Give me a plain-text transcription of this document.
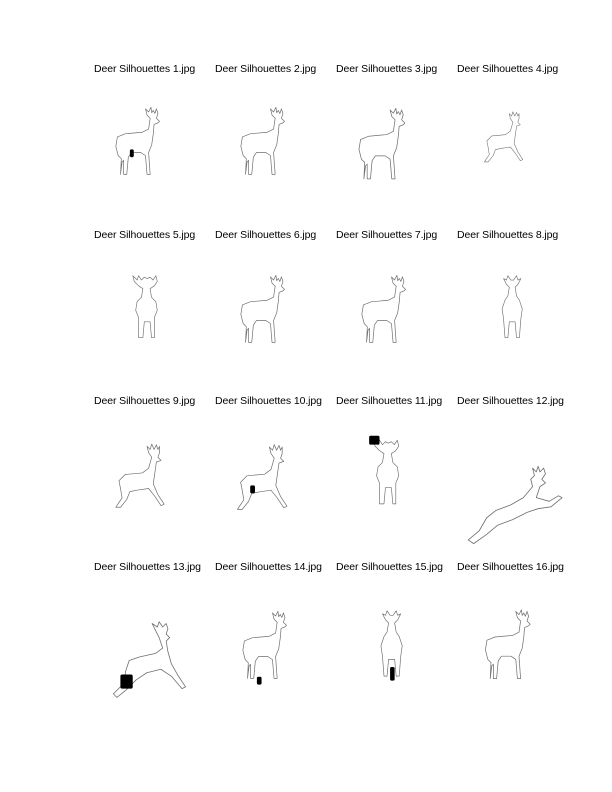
Deer Silhouettes 1.jpg Deer Silhouettes 2.jpg Deer Silhouettes 3.jpg Deer Silhouettes 4.jpg
Deer Silhouettes 5.jpg Deer Silhouettes 6.jpg Deer Silhouettes 7.jpg Deer Silhouettes 8.jpg
Deer Silhouettes 9.jpg Deer Silhouettes 10.jpg Deer Silhouettes 11.jpg Deer Silhouettes 12.jpg
Deer Silhouettes 13.jpg Deer Silhouettes 14.jpg Deer Silhouettes 15.jpg Deer Silhouettes 16.jpg
